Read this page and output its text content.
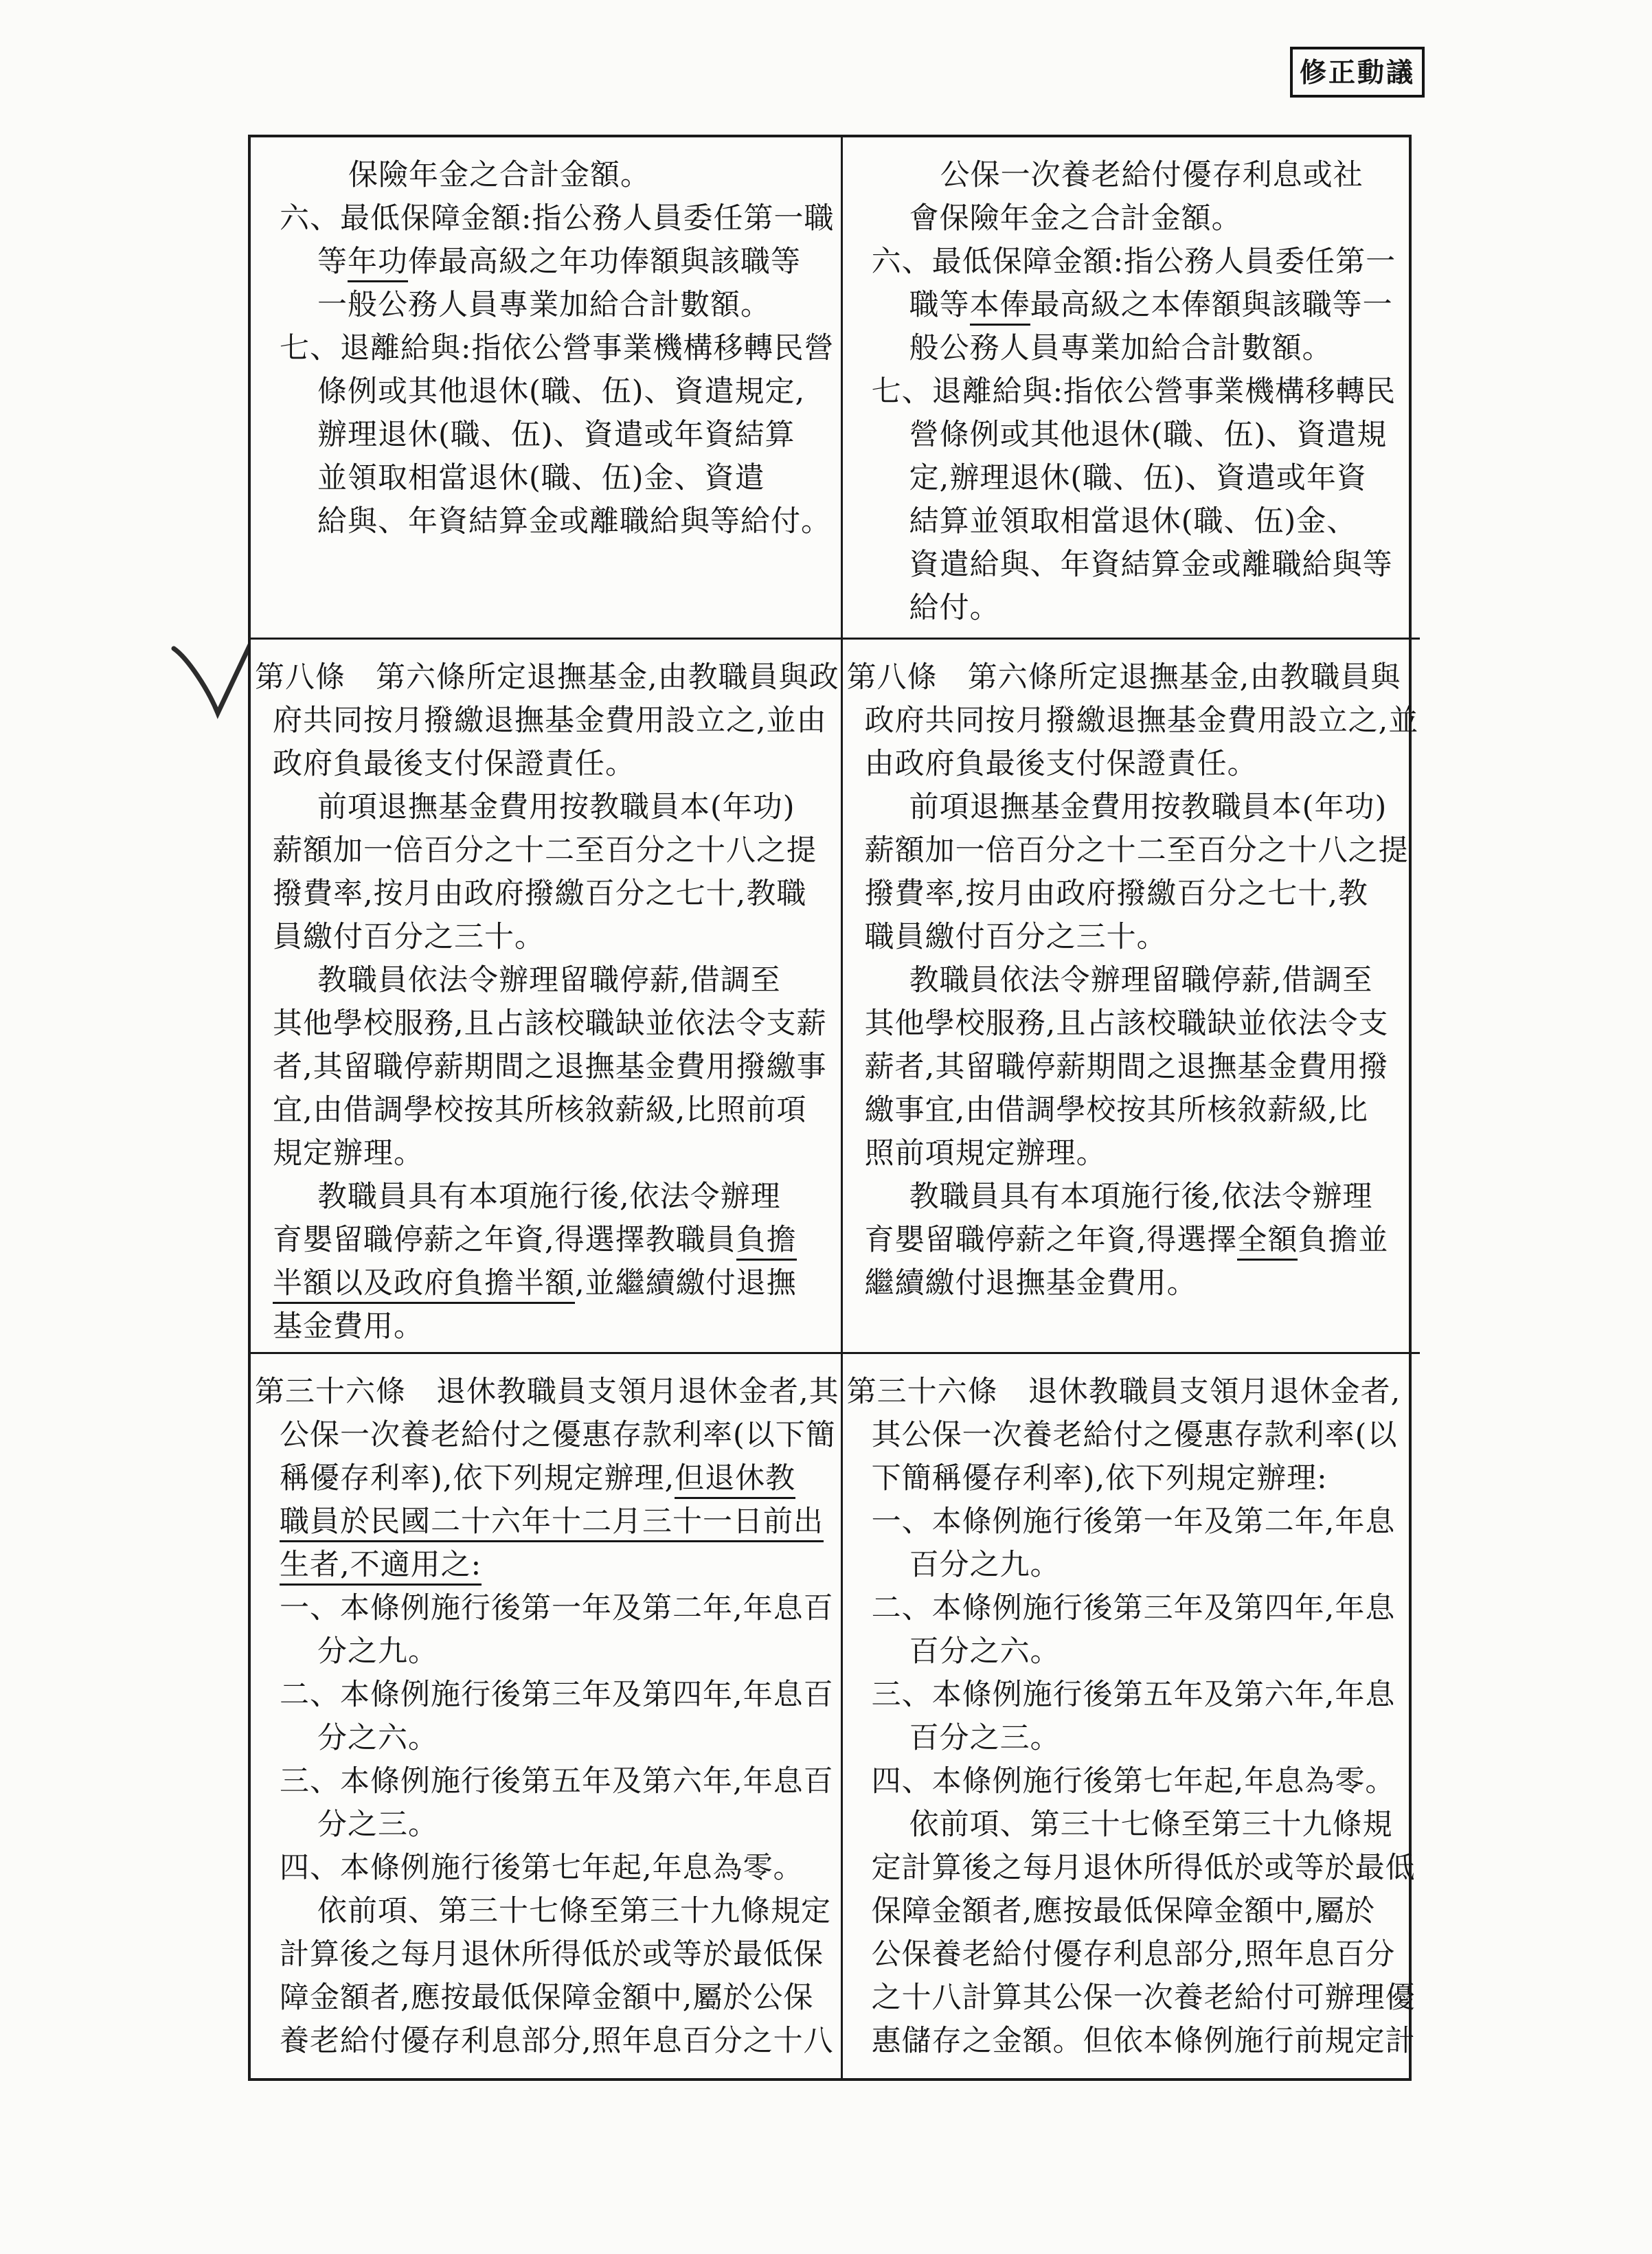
修正動議
保險年金之合計金額。
六、最低保障金額:指公務人員委任第一職
等年功俸最高級之年功俸額與該職等
一般公務人員專業加給合計數額。
七、退離給與:指依公營事業機構移轉民營
條例或其他退休(職、伍)、資遣規定,
辦理退休(職、伍)、資遣或年資結算
並領取相當退休(職、伍)金、資遣
給與、年資結算金或離職給與等給付。
公保一次養老給付優存利息或社
會保險年金之合計金額。
六、最低保障金額:指公務人員委任第一
職等本俸最高級之本俸額與該職等一
般公務人員專業加給合計數額。
七、退離給與:指依公營事業機構移轉民
營條例或其他退休(職、伍)、資遣規
定,辦理退休(職、伍)、資遣或年資
結算並領取相當退休(職、伍)金、
資遣給與、年資結算金或離職給與等
給付。
第八條　第六條所定退撫基金,由教職員與政
府共同按月撥繳退撫基金費用設立之,並由
政府負最後支付保證責任。
前項退撫基金費用按教職員本(年功)
薪額加一倍百分之十二至百分之十八之提
撥費率,按月由政府撥繳百分之七十,教職
員繳付百分之三十。
教職員依法令辦理留職停薪,借調至
其他學校服務,且占該校職缺並依法令支薪
者,其留職停薪期間之退撫基金費用撥繳事
宜,由借調學校按其所核敘薪級,比照前項
規定辦理。
教職員具有本項施行後,依法令辦理
育嬰留職停薪之年資,得選擇教職員負擔
半額以及政府負擔半額,並繼續繳付退撫
基金費用。
第八條　第六條所定退撫基金,由教職員與
政府共同按月撥繳退撫基金費用設立之,並
由政府負最後支付保證責任。
前項退撫基金費用按教職員本(年功)
薪額加一倍百分之十二至百分之十八之提
撥費率,按月由政府撥繳百分之七十,教
職員繳付百分之三十。
教職員依法令辦理留職停薪,借調至
其他學校服務,且占該校職缺並依法令支
薪者,其留職停薪期間之退撫基金費用撥
繳事宜,由借調學校按其所核敘薪級,比
照前項規定辦理。
教職員具有本項施行後,依法令辦理
育嬰留職停薪之年資,得選擇全額負擔並
繼續繳付退撫基金費用。
第三十六條　退休教職員支領月退休金者,其
公保一次養老給付之優惠存款利率(以下簡
稱優存利率),依下列規定辦理,但退休教
職員於民國二十六年十二月三十一日前出
生者,不適用之:
一、本條例施行後第一年及第二年,年息百
分之九。
二、本條例施行後第三年及第四年,年息百
分之六。
三、本條例施行後第五年及第六年,年息百
分之三。
四、本條例施行後第七年起,年息為零。
依前項、第三十七條至第三十九條規定
計算後之每月退休所得低於或等於最低保
障金額者,應按最低保障金額中,屬於公保
養老給付優存利息部分,照年息百分之十八
第三十六條　退休教職員支領月退休金者,
其公保一次養老給付之優惠存款利率(以
下簡稱優存利率),依下列規定辦理:
一、本條例施行後第一年及第二年,年息
百分之九。
二、本條例施行後第三年及第四年,年息
百分之六。
三、本條例施行後第五年及第六年,年息
百分之三。
四、本條例施行後第七年起,年息為零。
依前項、第三十七條至第三十九條規
定計算後之每月退休所得低於或等於最低
保障金額者,應按最低保障金額中,屬於
公保養老給付優存利息部分,照年息百分
之十八計算其公保一次養老給付可辦理優
惠儲存之金額。但依本條例施行前規定計
